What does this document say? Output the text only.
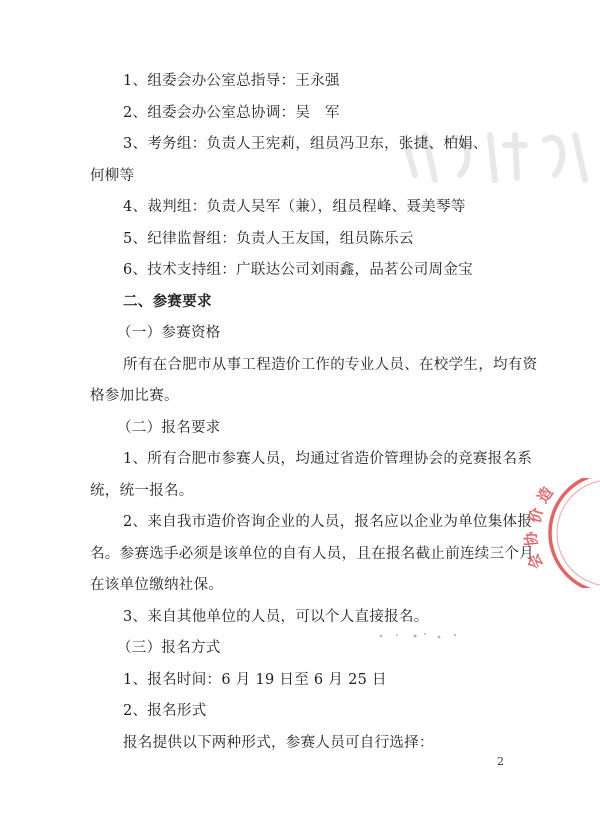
1、组委会办公室总指导：王永强
2、组委会办公室总协调：吴　军
3、考务组：负责人王宪莉，组员冯卫东，张捷、柏娟、
何柳等
4、裁判组：负责人吴军（兼），组员程峰、聂美琴等
5、纪律监督组：负责人王友国，组员陈乐云
6、技术支持组：广联达公司刘雨鑫，品茗公司周金宝
二、参赛要求
（一）参赛资格
所有在合肥市从事工程造价工作的专业人员、在校学生，均有资
格参加比赛。
（二）报名要求
1、所有合肥市参赛人员，均通过省造价管理协会的竞赛报名系
统，统一报名。
2、来自我市造价咨询企业的人员，报名应以企业为单位集体报
名。参赛选手必须是该单位的自有人员，且在报名截止前连续三个月
在该单位缴纳社保。
3、来自其他单位的人员，可以个人直接报名。
（三）报名方式
1、报名时间：6 月 19 日至 6 月 25 日
2、报名形式
报名提供以下两种形式，参赛人员可自行选择：
造
价
协
会
2
